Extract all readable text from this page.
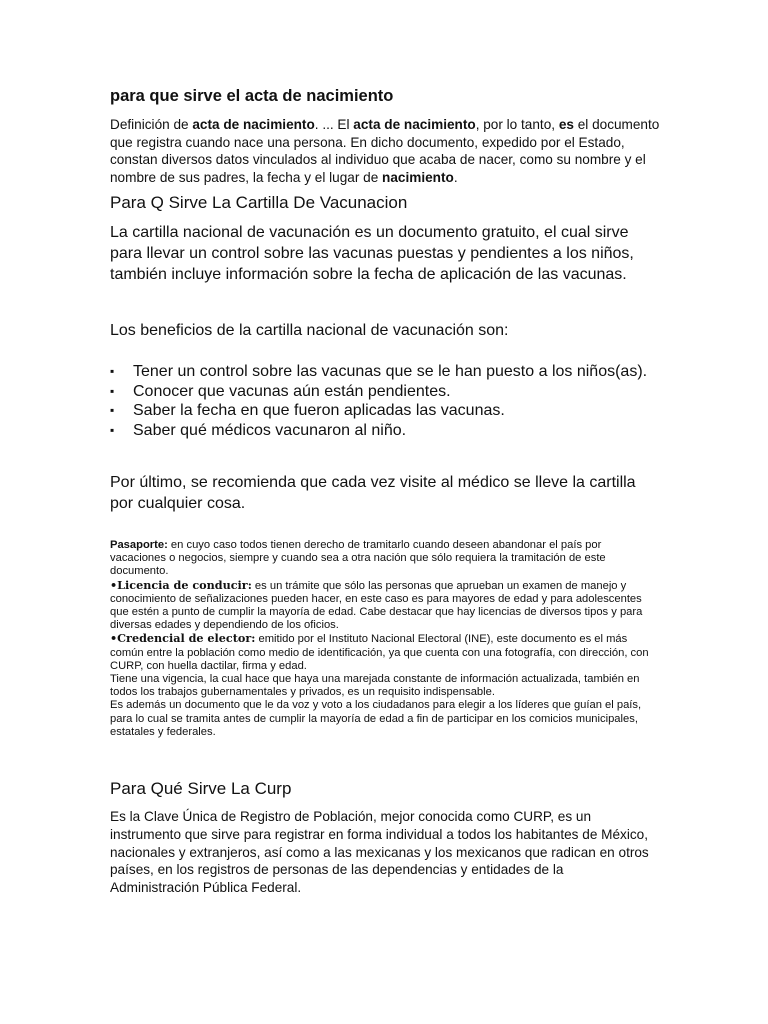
para que sirve el acta de nacimiento

Definición de acta de nacimiento. ... El acta de nacimiento, por lo tanto, es el documento que registra cuando nace una persona. En dicho documento, expedido por el Estado, constan diversos datos vinculados al individuo que acaba de nacer, como su nombre y el nombre de sus padres, la fecha y el lugar de nacimiento.

Para Q Sirve La Cartilla De Vacunacion

La cartilla nacional de vacunación es un documento gratuito, el cual sirve para llevar un control sobre las vacunas puestas y pendientes a los niños, también incluye información sobre la fecha de aplicación de las vacunas.

Los beneficios de la cartilla nacional de vacunación son:

▪	Tener un control sobre las vacunas que se le han puesto a los niños(as).
▪	Conocer que vacunas aún están pendientes.
▪	Saber la fecha en que fueron aplicadas las vacunas.
▪	Saber qué médicos vacunaron al niño.

Por último, se recomienda que cada vez visite al médico se lleve la cartilla por cualquier cosa.

Pasaporte: en cuyo caso todos tienen derecho de tramitarlo cuando deseen abandonar el país por vacaciones o negocios, siempre y cuando sea a otra nación que sólo requiera la tramitación de este documento.
•Licencia de conducir: es un trámite que sólo las personas que aprueban un examen de manejo y conocimiento de señalizaciones pueden hacer, en este caso es para mayores de edad y para adolescentes que estén a punto de cumplir la mayoría de edad. Cabe destacar que hay licencias de diversos tipos y para diversas edades y dependiendo de los oficios.
•Credencial de elector: emitido por el Instituto Nacional Electoral (INE), este documento es el más común entre la población como medio de identificación, ya que cuenta con una fotografía, con dirección, con CURP, con huella dactilar, firma y edad.
Tiene una vigencia, la cual hace que haya una marejada constante de información actualizada, también en todos los trabajos gubernamentales y privados, es un requisito indispensable.
Es además un documento que le da voz y voto a los ciudadanos para elegir a los líderes que guían el país, para lo cual se tramita antes de cumplir la mayoría de edad a fin de participar en los comicios municipales, estatales y federales.
Para Qué Sirve La Curp

Es la Clave Única de Registro de Población, mejor conocida como CURP, es un instrumento que sirve para registrar en forma individual a todos los habitantes de México, nacionales y extranjeros, así como a las mexicanas y los mexicanos que radican en otros países, en los registros de personas de las dependencias y entidades de la Administración Pública Federal.
